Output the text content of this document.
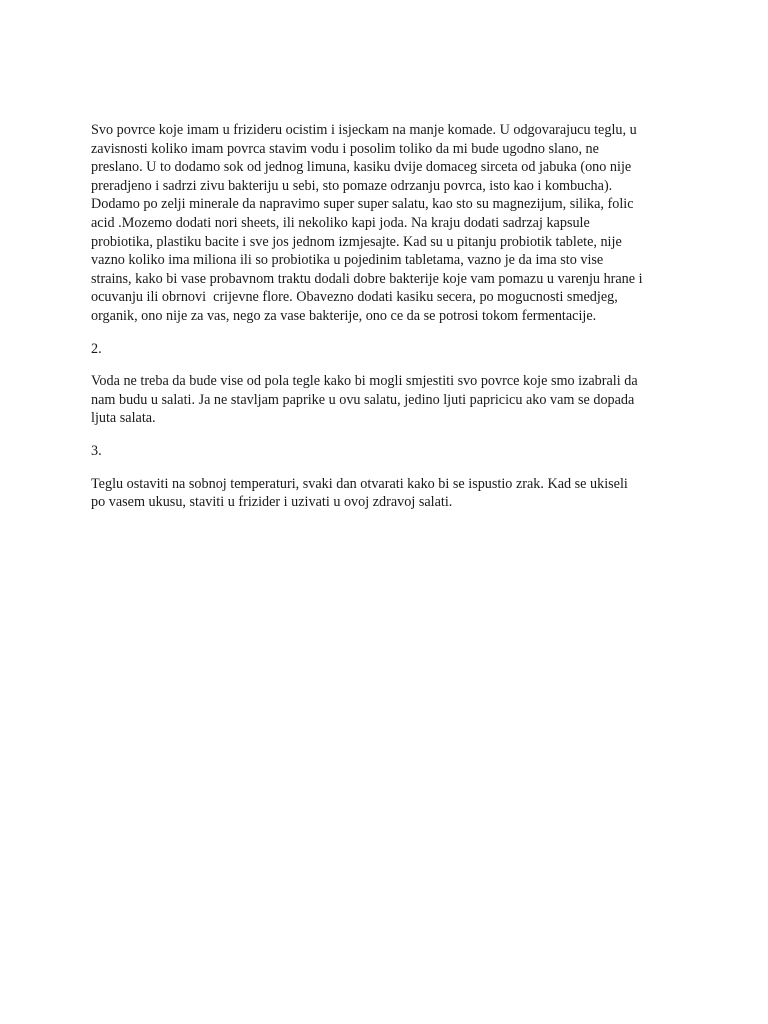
Svo povrce koje imam u frizideru ocistim i isjeckam na manje komade. U odgovarajucu teglu, u
zavisnosti koliko imam povrca stavim vodu i posolim toliko da mi bude ugodno slano, ne
preslano. U to dodamo sok od jednog limuna, kasiku dvije domaceg sirceta od jabuka (ono nije
preradjeno i sadrzi zivu bakteriju u sebi, sto pomaze odrzanju povrca, isto kao i kombucha).
Dodamo po zelji minerale da napravimo super super salatu, kao sto su magnezijum, silika, folic
acid .Mozemo dodati nori sheets, ili nekoliko kapi joda. Na kraju dodati sadrzaj kapsule
probiotika, plastiku bacite i sve jos jednom izmjesajte. Kad su u pitanju probiotik tablete, nije
vazno koliko ima miliona ili so probiotika u pojedinim tabletama, vazno je da ima sto vise
strains, kako bi vase probavnom traktu dodali dobre bakterije koje vam pomazu u varenju hrane i
ocuvanju ili obrnovi  crijevne flore. Obavezno dodati kasiku secera, po mogucnosti smedjeg,
organik, ono nije za vas, nego za vase bakterije, ono ce da se potrosi tokom fermentacije.
2.
Voda ne treba da bude vise od pola tegle kako bi mogli smjestiti svo povrce koje smo izabrali da
nam budu u salati. Ja ne stavljam paprike u ovu salatu, jedino ljuti papricicu ako vam se dopada
ljuta salata.
3.
Teglu ostaviti na sobnoj temperaturi, svaki dan otvarati kako bi se ispustio zrak. Kad se ukiseli
po vasem ukusu, staviti u frizider i uzivati u ovoj zdravoj salati.
